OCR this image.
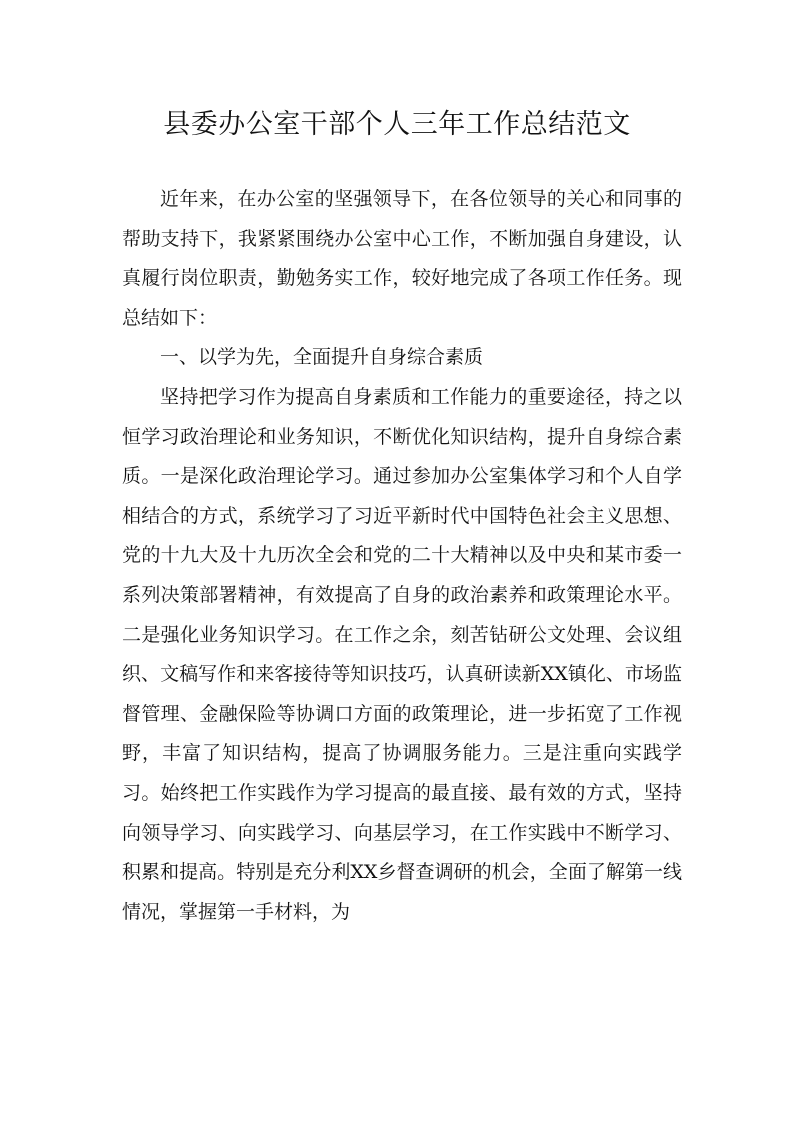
县委办公室干部个人三年工作总结范文

近年来，在办公室的坚强领导下，在各位领导的关心和同事的帮助支持下，我紧紧围绕办公室中心工作，不断加强自身建设，认真履行岗位职责，勤勉务实工作，较好地完成了各项工作任务。现总结如下：

一、以学为先，全面提升自身综合素质

坚持把学习作为提高自身素质和工作能力的重要途径，持之以恒学习政治理论和业务知识，不断优化知识结构，提升自身综合素质。一是深化政治理论学习。通过参加办公室集体学习和个人自学相结合的方式，系统学习了习近平新时代中国特色社会主义思想、党的十九大及十九历次全会和党的二十大精神以及中央和某市委一系列决策部署精神，有效提高了自身的政治素养和政策理论水平。二是强化业务知识学习。在工作之余，刻苦钻研公文处理、会议组织、文稿写作和来客接待等知识技巧，认真研读新XX镇化、市场监督管理、金融保险等协调口方面的政策理论，进一步拓宽了工作视野，丰富了知识结构，提高了协调服务能力。三是注重向实践学习。始终把工作实践作为学习提高的最直接、最有效的方式，坚持向领导学习、向实践学习、向基层学习，在工作实践中不断学习、积累和提高。特别是充分利XX乡督查调研的机会，全面了解第一线情况，掌握第一手材料，为
